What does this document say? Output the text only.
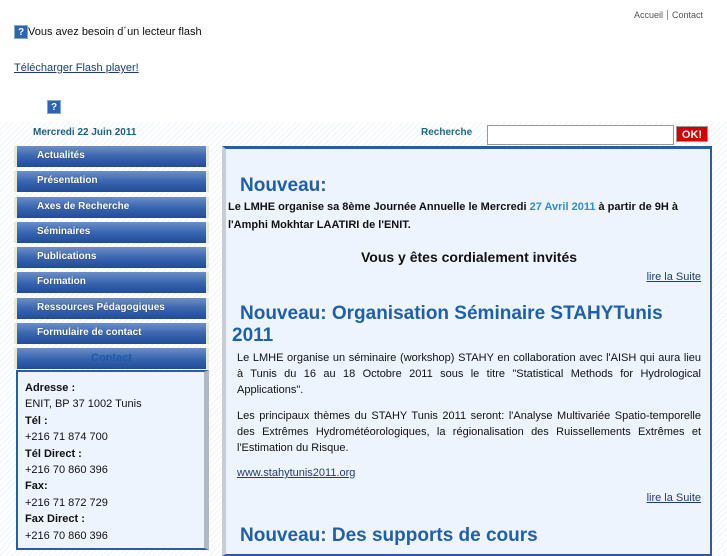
Accueil Contact
? Vous avez besoin d´un lecteur flash
Télécharger Flash player!
?
Mercredi 22 Juin 2011	Recherche	OK!
Actualités
Présentation
Axes de Recherche
Séminaires
Publications
Formation
Ressources Pédagogiques
Formulaire de contact
Contact
Adresse :
ENIT, BP 37 1002 Tunis
Tél :
+216 71 874 700
Tél Direct :
+216 70 860 396
Fax:
+216 71 872 729
Fax Direct :
+216 70 860 396
Nouveau:
Le LMHE organise sa 8ème Journée Annuelle le Mercredi 27 Avril 2011 à partir de 9H à l'Amphi Mokhtar LAATIRI de l'ENIT.
Vous y êtes cordialement invités
lire la Suite
Nouveau: Organisation Séminaire STAHYTunis 2011
Le LMHE organise un séminaire (workshop) STAHY en collaboration avec l'AISH qui aura lieu à Tunis du 16 au 18 Octobre 2011 sous le titre "Statistical Methods for Hydrological Applications".
Les principaux thèmes du STAHY Tunis 2011 seront: l'Analyse Multivariée Spatio-temporelle des Extrêmes Hydrométéorologiques, la régionalisation des Ruissellements Extrêmes et l'Estimation du Risque.
www.stahytunis2011.org
lire la Suite
Nouveau: Des supports de cours
